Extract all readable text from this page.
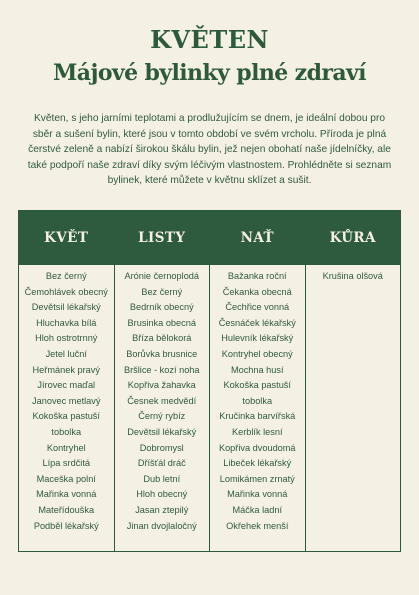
KVĚTEN
Májové bylinky plné zdraví
Květen, s jeho jarními teplotami a prodlužujícím se dnem, je ideální dobou pro sběr a sušení bylin, které jsou v tomto období ve svém vrcholu. Příroda je plná čerstvé zeleně a nabízí širokou škálu bylin, jež nejen obohatí naše jídelníčky, ale také podpoří naše zdraví díky svým léčivým vlastnostem. Prohlédněte si seznam bylinek, které můžete v květnu sklízet a sušit.
KVĚT
Bez černý
Čemohlávek obecný
Devětsil lékařský
Hluchavka bílá
Hloh ostrotrnný
Jetel luční
Heřmánek pravý
Jírovec maďal
Janovec metlavý
Kokoška pastuší
tobolka
Kontryhel
Lípa srdčitá
Maceška polní
Mařinka vonná
Mateřídouška
Podběl lékařský
LISTY
Arónie černoplodá
Bez černý
Bedrník obecný
Brusinka obecná
Bříza bělokorá
Borůvka brusnice
Bršlice - kozí noha
Kopřiva žahavka
Česnek medvědí
Černý rybíz
Devětsil lékařský
Dobromysl
Dříšťál dráč
Dub letní
Hloh obecný
Jasan ztepilý
Jinan dvojlaločný
NAŤ
Bažanka roční
Čekanka obecná
Čechřice vonná
Česnáček lékařský
Hulevník lékařský
Kontryhel obecný
Mochna husí
Kokoška pastuší
tobolka
Kručinka barvířská
Kerblík lesní
Kopřiva dvoudomá
Libeček lékařský
Lomikámen zrnatý
Mařinka vonná
Máčka ladní
Okřehek menší
KŮRA
Krušina olšová
